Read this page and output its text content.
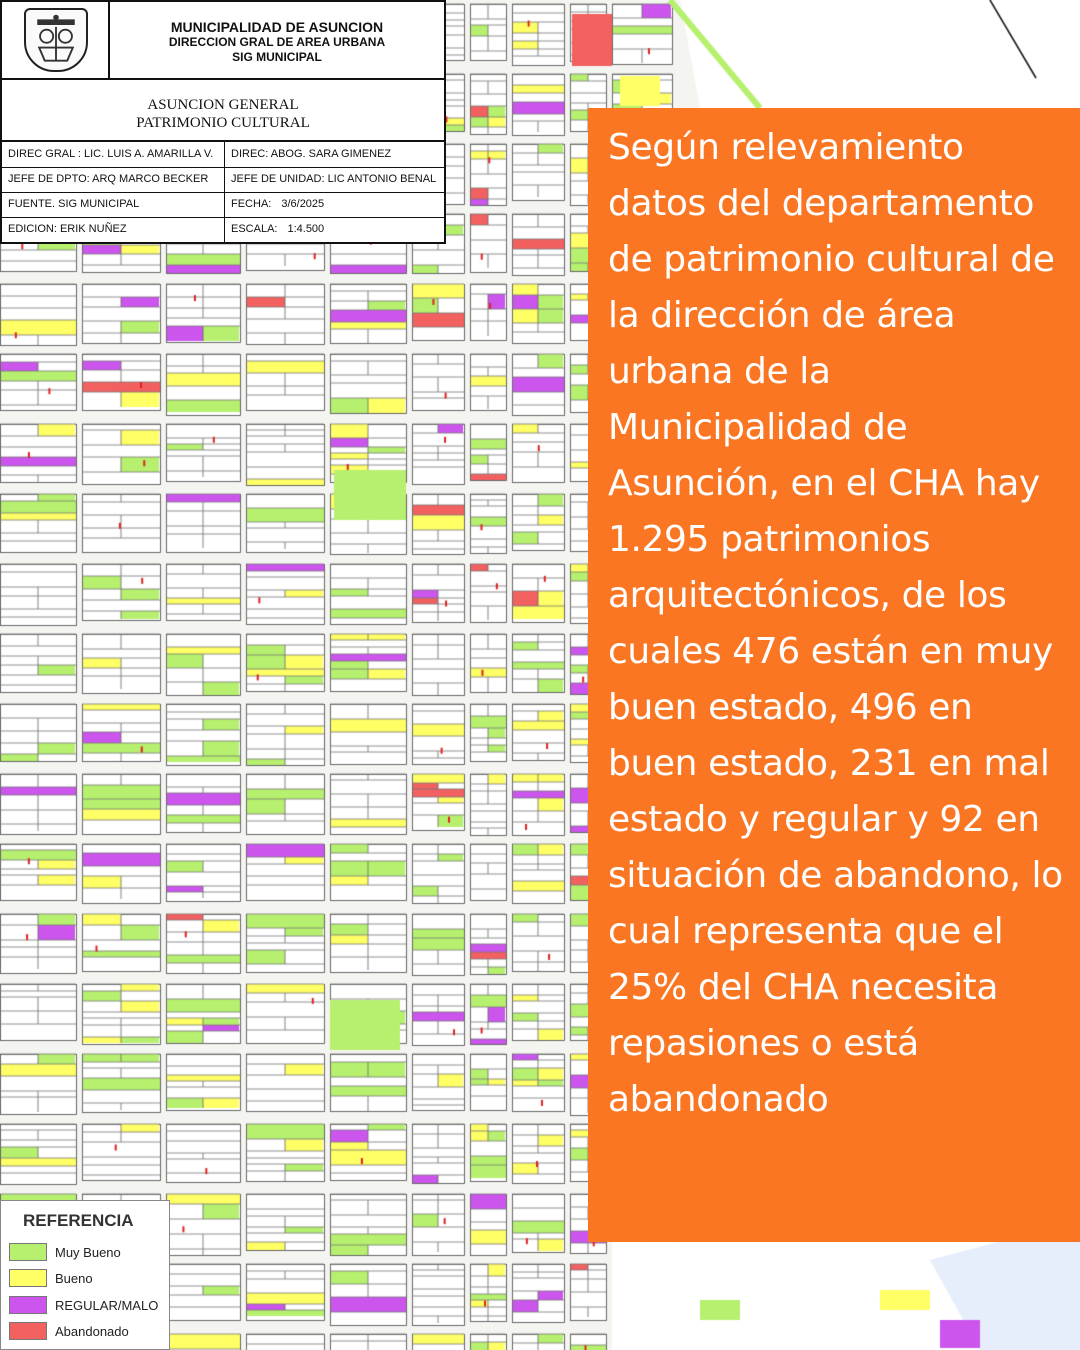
MUNICIPALIDAD DE ASUNCION
DIRECCION GRAL DE AREA URBANA
SIG MUNICIPAL
ASUNCION GENERAL
PATRIMONIO CULTURAL
DIREC GRAL : LIC. LUIS A. AMARILLA V.	DIREC: ABOG. SARA GIMENEZ
JEFE DE DPTO: ARQ MARCO BECKER	JEFE DE UNIDAD: LIC ANTONIO BENAL
FUENTE. SIG MUNICIPAL	FECHA: 3/6/2025
EDICION: ERIK NUÑEZ	ESCALA: 1:4.500

Según relevamiento datos del departamento de patrimonio cultural de la dirección de área urbana de la Municipalidad de Asunción, en el CHA hay 1.295 patrimonios arquitectónicos, de los cuales 476 están en muy buen estado, 496 en buen estado, 231 en mal estado y regular y 92 en situación de abandono, lo cual representa que el 25% del CHA necesita repasiones o está abandonado

REFERENCIA
Muy Bueno
Bueno
REGULAR/MALO
Abandonado
